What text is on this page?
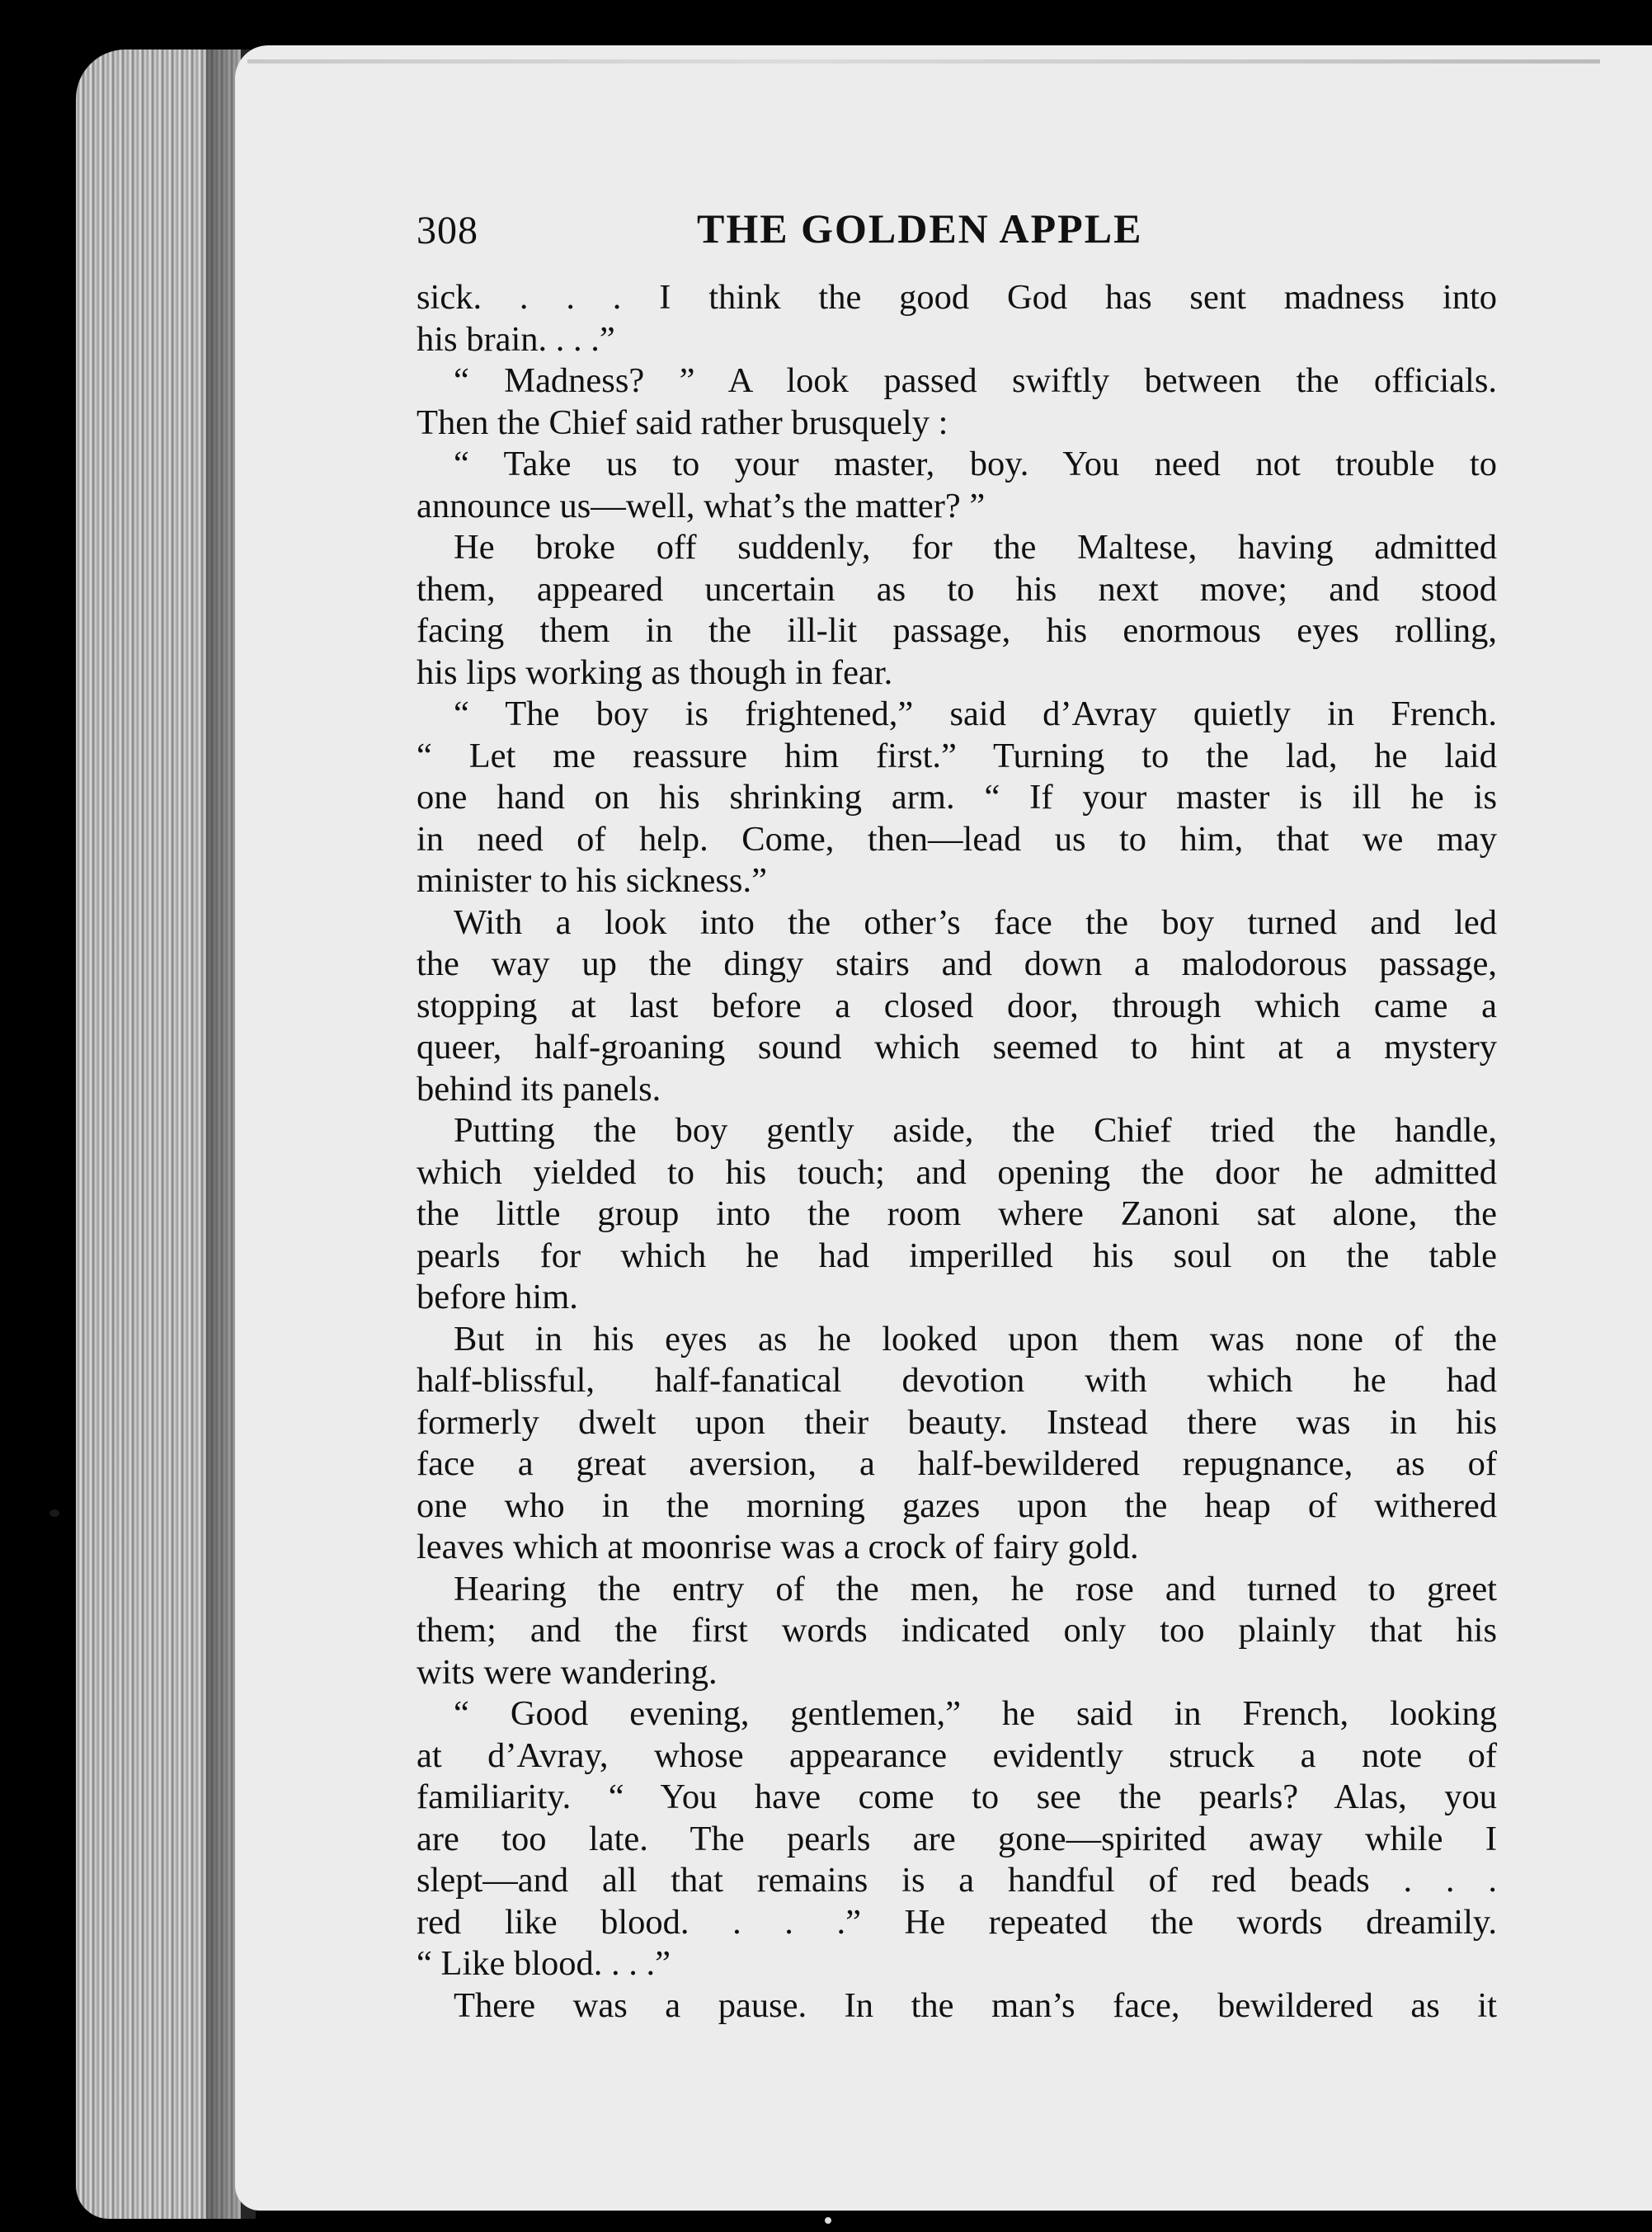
308	THE GOLDEN APPLE
sick. . . . I think the good God has sent madness into
his brain. . . .”
“ Madness? ” A look passed swiftly between the officials.
Then the Chief said rather brusquely :
“ Take us to your master, boy. You need not trouble to
announce us—well, what’s the matter? ”
He broke off suddenly, for the Maltese, having admitted
them, appeared uncertain as to his next move; and stood
facing them in the ill-lit passage, his enormous eyes rolling,
his lips working as though in fear.
“ The boy is frightened,” said d’Avray quietly in French.
“ Let me reassure him first.” Turning to the lad, he laid
one hand on his shrinking arm. “ If your master is ill he is
in need of help. Come, then—lead us to him, that we may
minister to his sickness.”
With a look into the other’s face the boy turned and led
the way up the dingy stairs and down a malodorous passage,
stopping at last before a closed door, through which came a
queer, half-groaning sound which seemed to hint at a mystery
behind its panels.
Putting the boy gently aside, the Chief tried the handle,
which yielded to his touch; and opening the door he admitted
the little group into the room where Zanoni sat alone, the
pearls for which he had imperilled his soul on the table
before him.
But in his eyes as he looked upon them was none of the
half-blissful, half-fanatical devotion with which he had
formerly dwelt upon their beauty. Instead there was in his
face a great aversion, a half-bewildered repugnance, as of
one who in the morning gazes upon the heap of withered
leaves which at moonrise was a crock of fairy gold.
Hearing the entry of the men, he rose and turned to greet
them; and the first words indicated only too plainly that his
wits were wandering.
“ Good evening, gentlemen,” he said in French, looking
at d’Avray, whose appearance evidently struck a note of
familiarity. “ You have come to see the pearls? Alas, you
are too late. The pearls are gone—spirited away while I
slept—and all that remains is a handful of red beads . . .
red like blood. . . .” He repeated the words dreamily.
“ Like blood. . . .”
There was a pause. In the man’s face, bewildered as it
